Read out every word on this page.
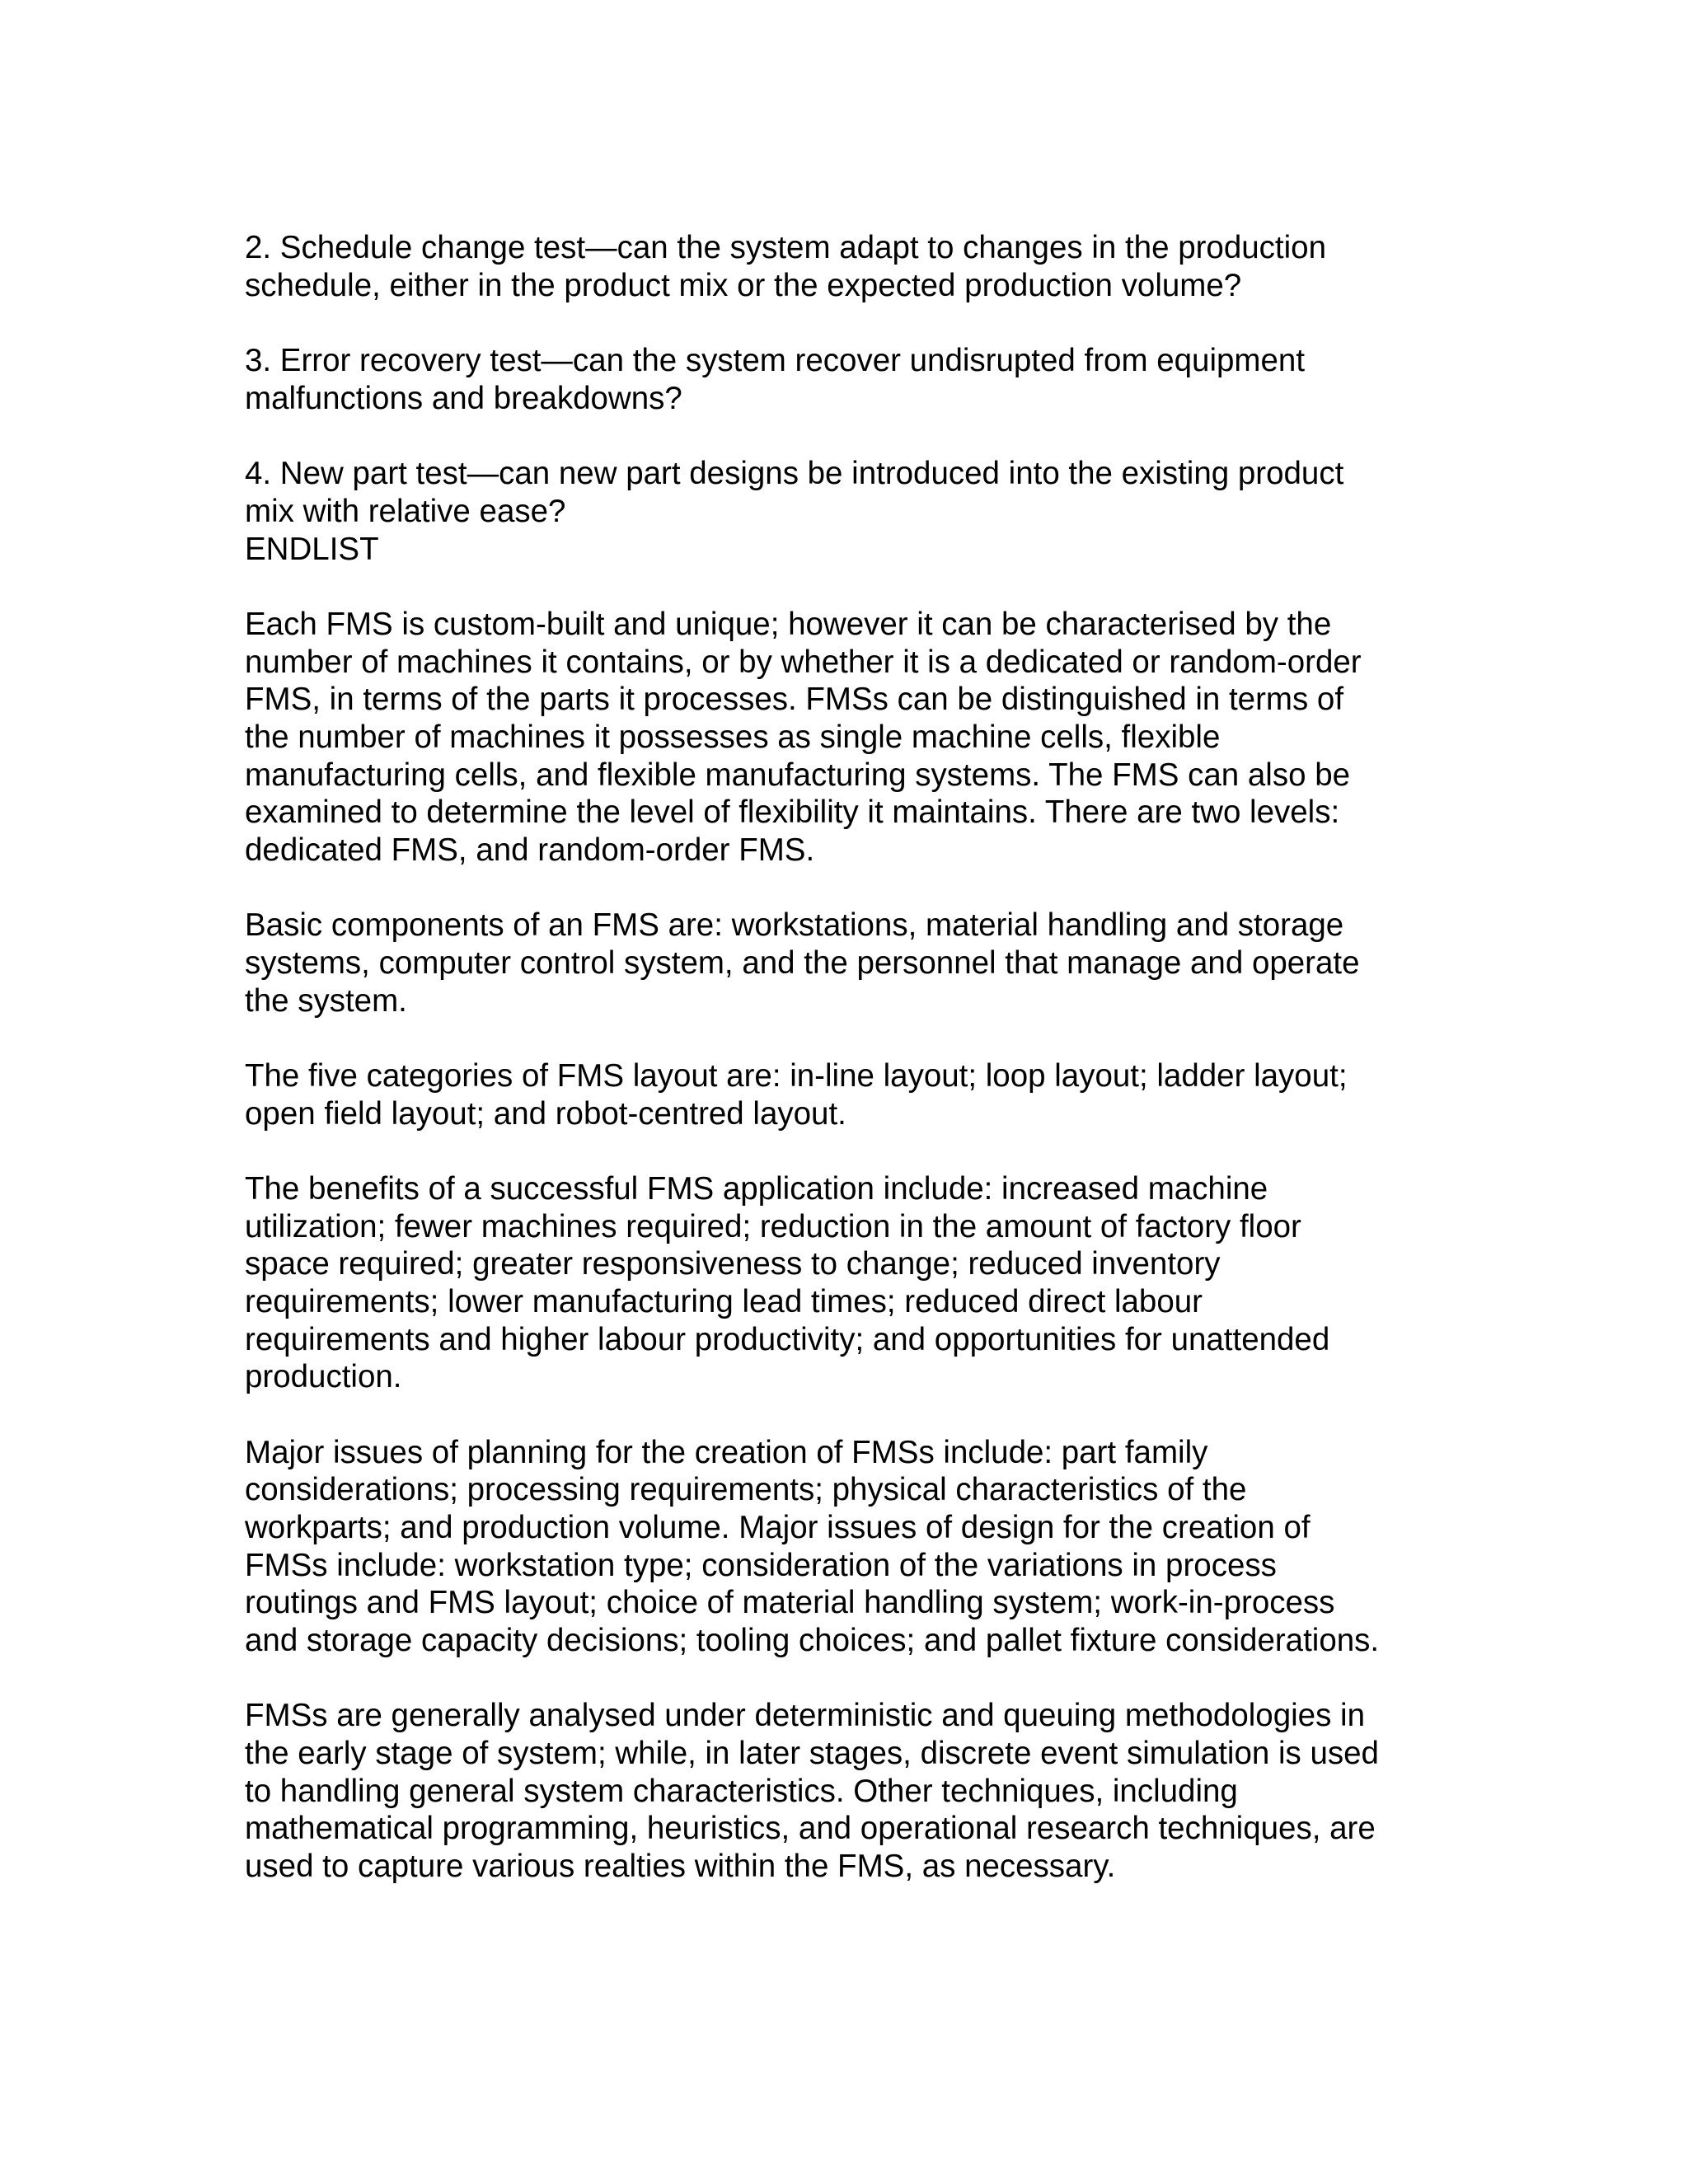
2. Schedule change test—can the system adapt to changes in the production
schedule, either in the product mix or the expected production volume?

3. Error recovery test—can the system recover undisrupted from equipment
malfunctions and breakdowns?

4. New part test—can new part designs be introduced into the existing product
mix with relative ease?
ENDLIST

Each FMS is custom-built and unique; however it can be characterised by the
number of machines it contains, or by whether it is a dedicated or random-order
FMS, in terms of the parts it processes. FMSs can be distinguished in terms of
the number of machines it possesses as single machine cells, flexible
manufacturing cells, and flexible manufacturing systems. The FMS can also be
examined to determine the level of flexibility it maintains. There are two levels:
dedicated FMS, and random-order FMS.

Basic components of an FMS are: workstations, material handling and storage
systems, computer control system, and the personnel that manage and operate
the system.

The five categories of FMS layout are: in-line layout; loop layout; ladder layout;
open field layout; and robot-centred layout.

The benefits of a successful FMS application include: increased machine
utilization; fewer machines required; reduction in the amount of factory floor
space required; greater responsiveness to change; reduced inventory
requirements; lower manufacturing lead times; reduced direct labour
requirements and higher labour productivity; and opportunities for unattended
production.

Major issues of planning for the creation of FMSs include: part family
considerations; processing requirements; physical characteristics of the
workparts; and production volume. Major issues of design for the creation of
FMSs include: workstation type; consideration of the variations in process
routings and FMS layout; choice of material handling system; work-in-process
and storage capacity decisions; tooling choices; and pallet fixture considerations.

FMSs are generally analysed under deterministic and queuing methodologies in
the early stage of system; while, in later stages, discrete event simulation is used
to handling general system characteristics. Other techniques, including
mathematical programming, heuristics, and operational research techniques, are
used to capture various realties within the FMS, as necessary.
